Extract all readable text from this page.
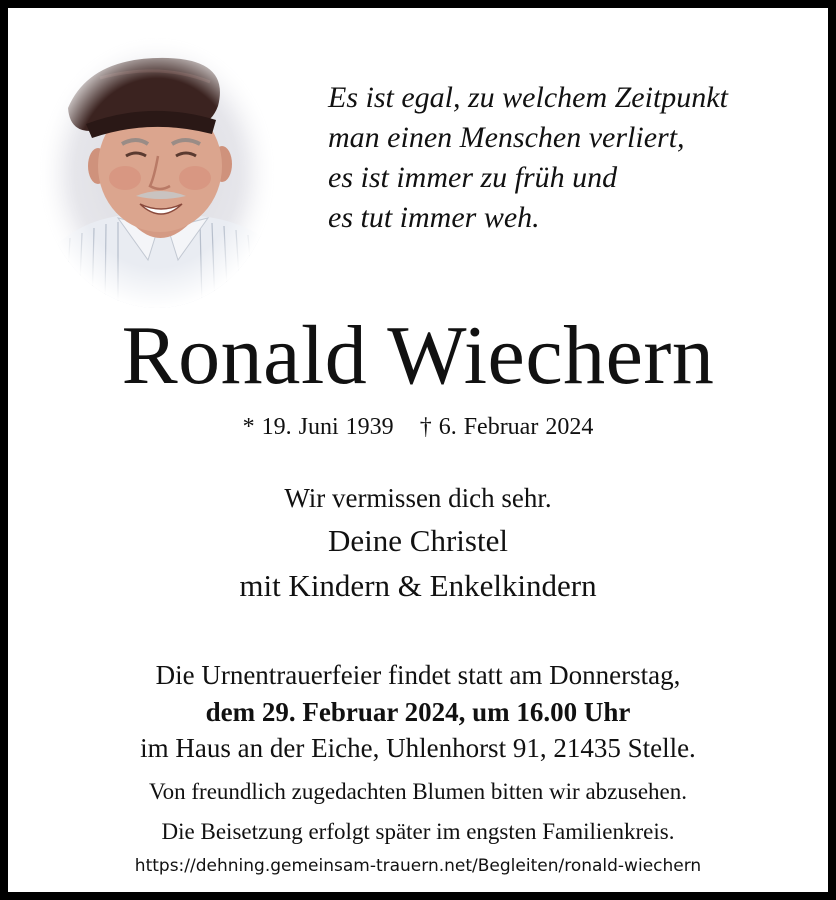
Es ist egal, zu welchem Zeitpunkt
man einen Menschen verliert,
es ist immer zu früh und
es tut immer weh.
Ronald Wiechern
* 19. Juni 1939 † 6. Februar 2024
Wir vermissen dich sehr.
Deine Christel
mit Kindern & Enkelkindern
Die Urnentrauerfeier findet statt am Donnerstag,
dem 29. Februar 2024, um 16.00 Uhr
im Haus an der Eiche, Uhlenhorst 91, 21435 Stelle.
Von freundlich zugedachten Blumen bitten wir abzusehen.
Die Beisetzung erfolgt später im engsten Familienkreis.
https://dehning.gemeinsam-trauern.net/Begleiten/ronald-wiechern
